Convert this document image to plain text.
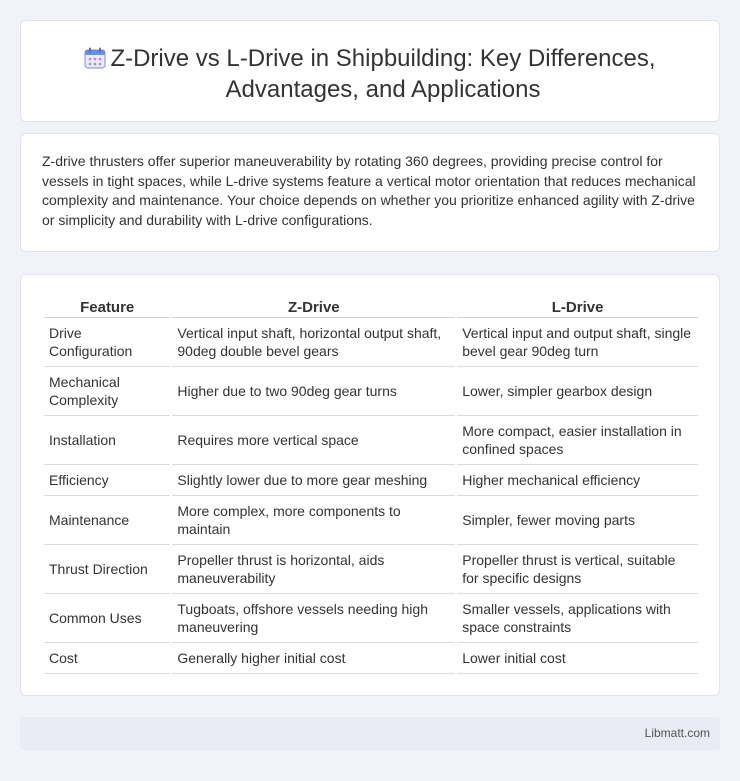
Z-Drive vs L-Drive in Shipbuilding: Key Differences, Advantages, and Applications

Z-drive thrusters offer superior maneuverability by rotating 360 degrees, providing precise control for vessels in tight spaces, while L-drive systems feature a vertical motor orientation that reduces mechanical complexity and maintenance. Your choice depends on whether you prioritize enhanced agility with Z-drive or simplicity and durability with L-drive configurations.

Feature	Z-Drive	L-Drive
Drive Configuration	Vertical input shaft, horizontal output shaft, 90deg double bevel gears	Vertical input and output shaft, single bevel gear 90deg turn
Mechanical Complexity	Higher due to two 90deg gear turns	Lower, simpler gearbox design
Installation	Requires more vertical space	More compact, easier installation in confined spaces
Efficiency	Slightly lower due to more gear meshing	Higher mechanical efficiency
Maintenance	More complex, more components to maintain	Simpler, fewer moving parts
Thrust Direction	Propeller thrust is horizontal, aids maneuverability	Propeller thrust is vertical, suitable for specific designs
Common Uses	Tugboats, offshore vessels needing high maneuvering	Smaller vessels, applications with space constraints
Cost	Generally higher initial cost	Lower initial cost
Libmatt.com
